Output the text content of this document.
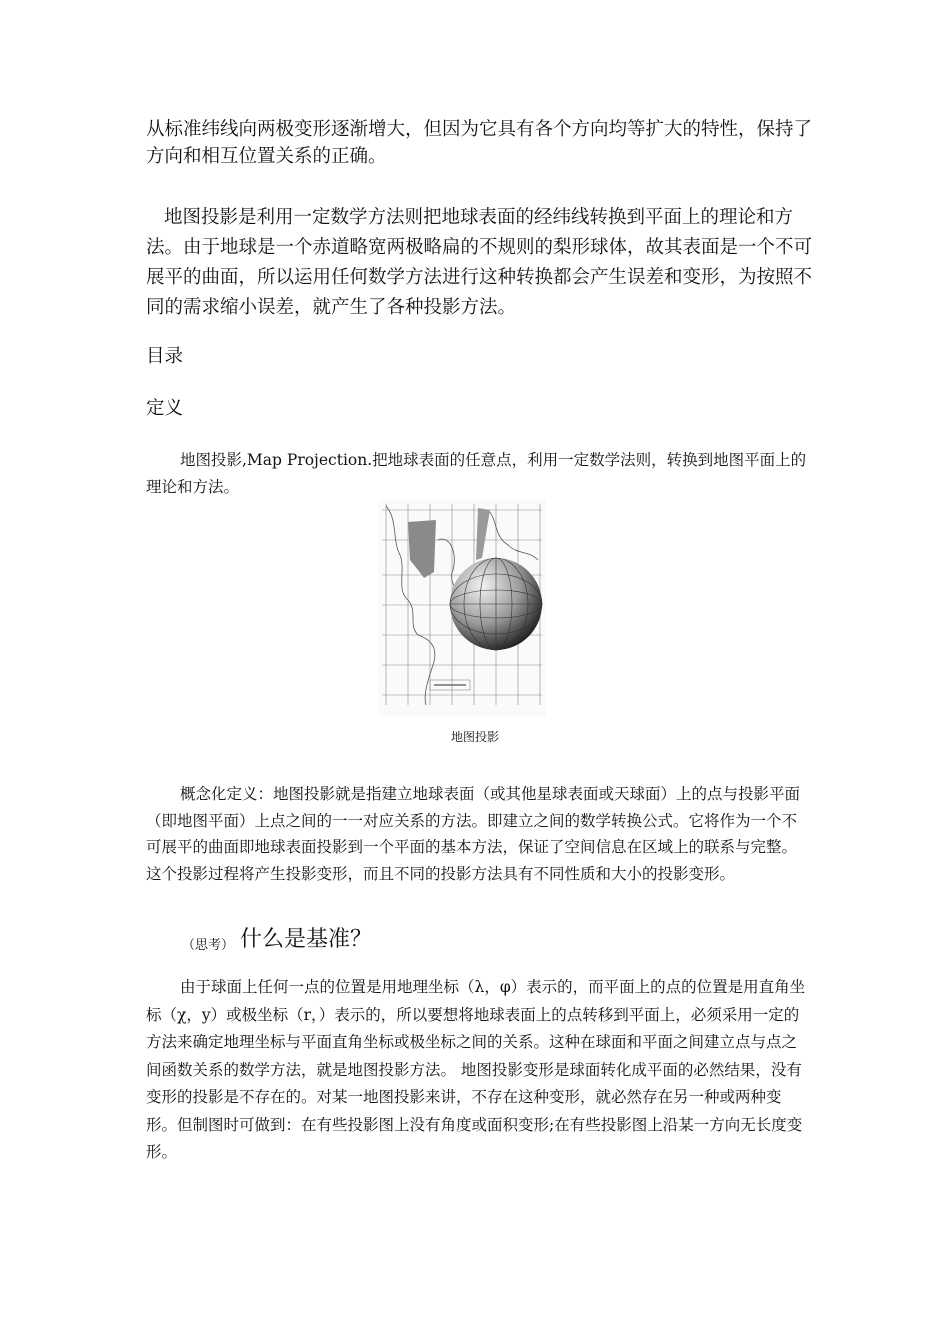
从标准纬线向两极变形逐渐增大，但因为它具有各个方向均等扩大的特性，保持了方向和相互位置关系的正确。

地图投影是利用一定数学方法则把地球表面的经纬线转换到平面上的理论和方法。由于地球是一个赤道略宽两极略扁的不规则的梨形球体，故其表面是一个不可展平的曲面，所以运用任何数学方法进行这种转换都会产生误差和变形，为按照不同的需求缩小误差，就产生了各种投影方法。

目录
定义

地图投影,Map Projection.把地球表面的任意点，利用一定数学法则，转换到地图平面上的理论和方法。

地图投影

概念化定义：地图投影就是指建立地球表面（或其他星球表面或天球面）上的点与投影平面（即地图平面）上点之间的一一对应关系的方法。即建立之间的数学转换公式。它将作为一个不可展平的曲面即地球表面投影到一个平面的基本方法，保证了空间信息在区域上的联系与完整。这个投影过程将产生投影变形，而且不同的投影方法具有不同性质和大小的投影变形。

（思考） 什么是基准？

由于球面上任何一点的位置是用地理坐标（λ，φ）表示的，而平面上的点的位置是用直角坐标（χ，y）或极坐标（r，）表示的，所以要想将地球表面上的点转移到平面上，必须采用一定的方法来确定地理坐标与平面直角坐标或极坐标之间的关系。这种在球面和平面之间建立点与点之间函数关系的数学方法，就是地图投影方法。 地图投影变形是球面转化成平面的必然结果，没有变形的投影是不存在的。对某一地图投影来讲，不存在这种变形，就必然存在另一种或两种变形。但制图时可做到：在有些投影图上没有角度或面积变形;在有些投影图上沿某一方向无长度变形。
